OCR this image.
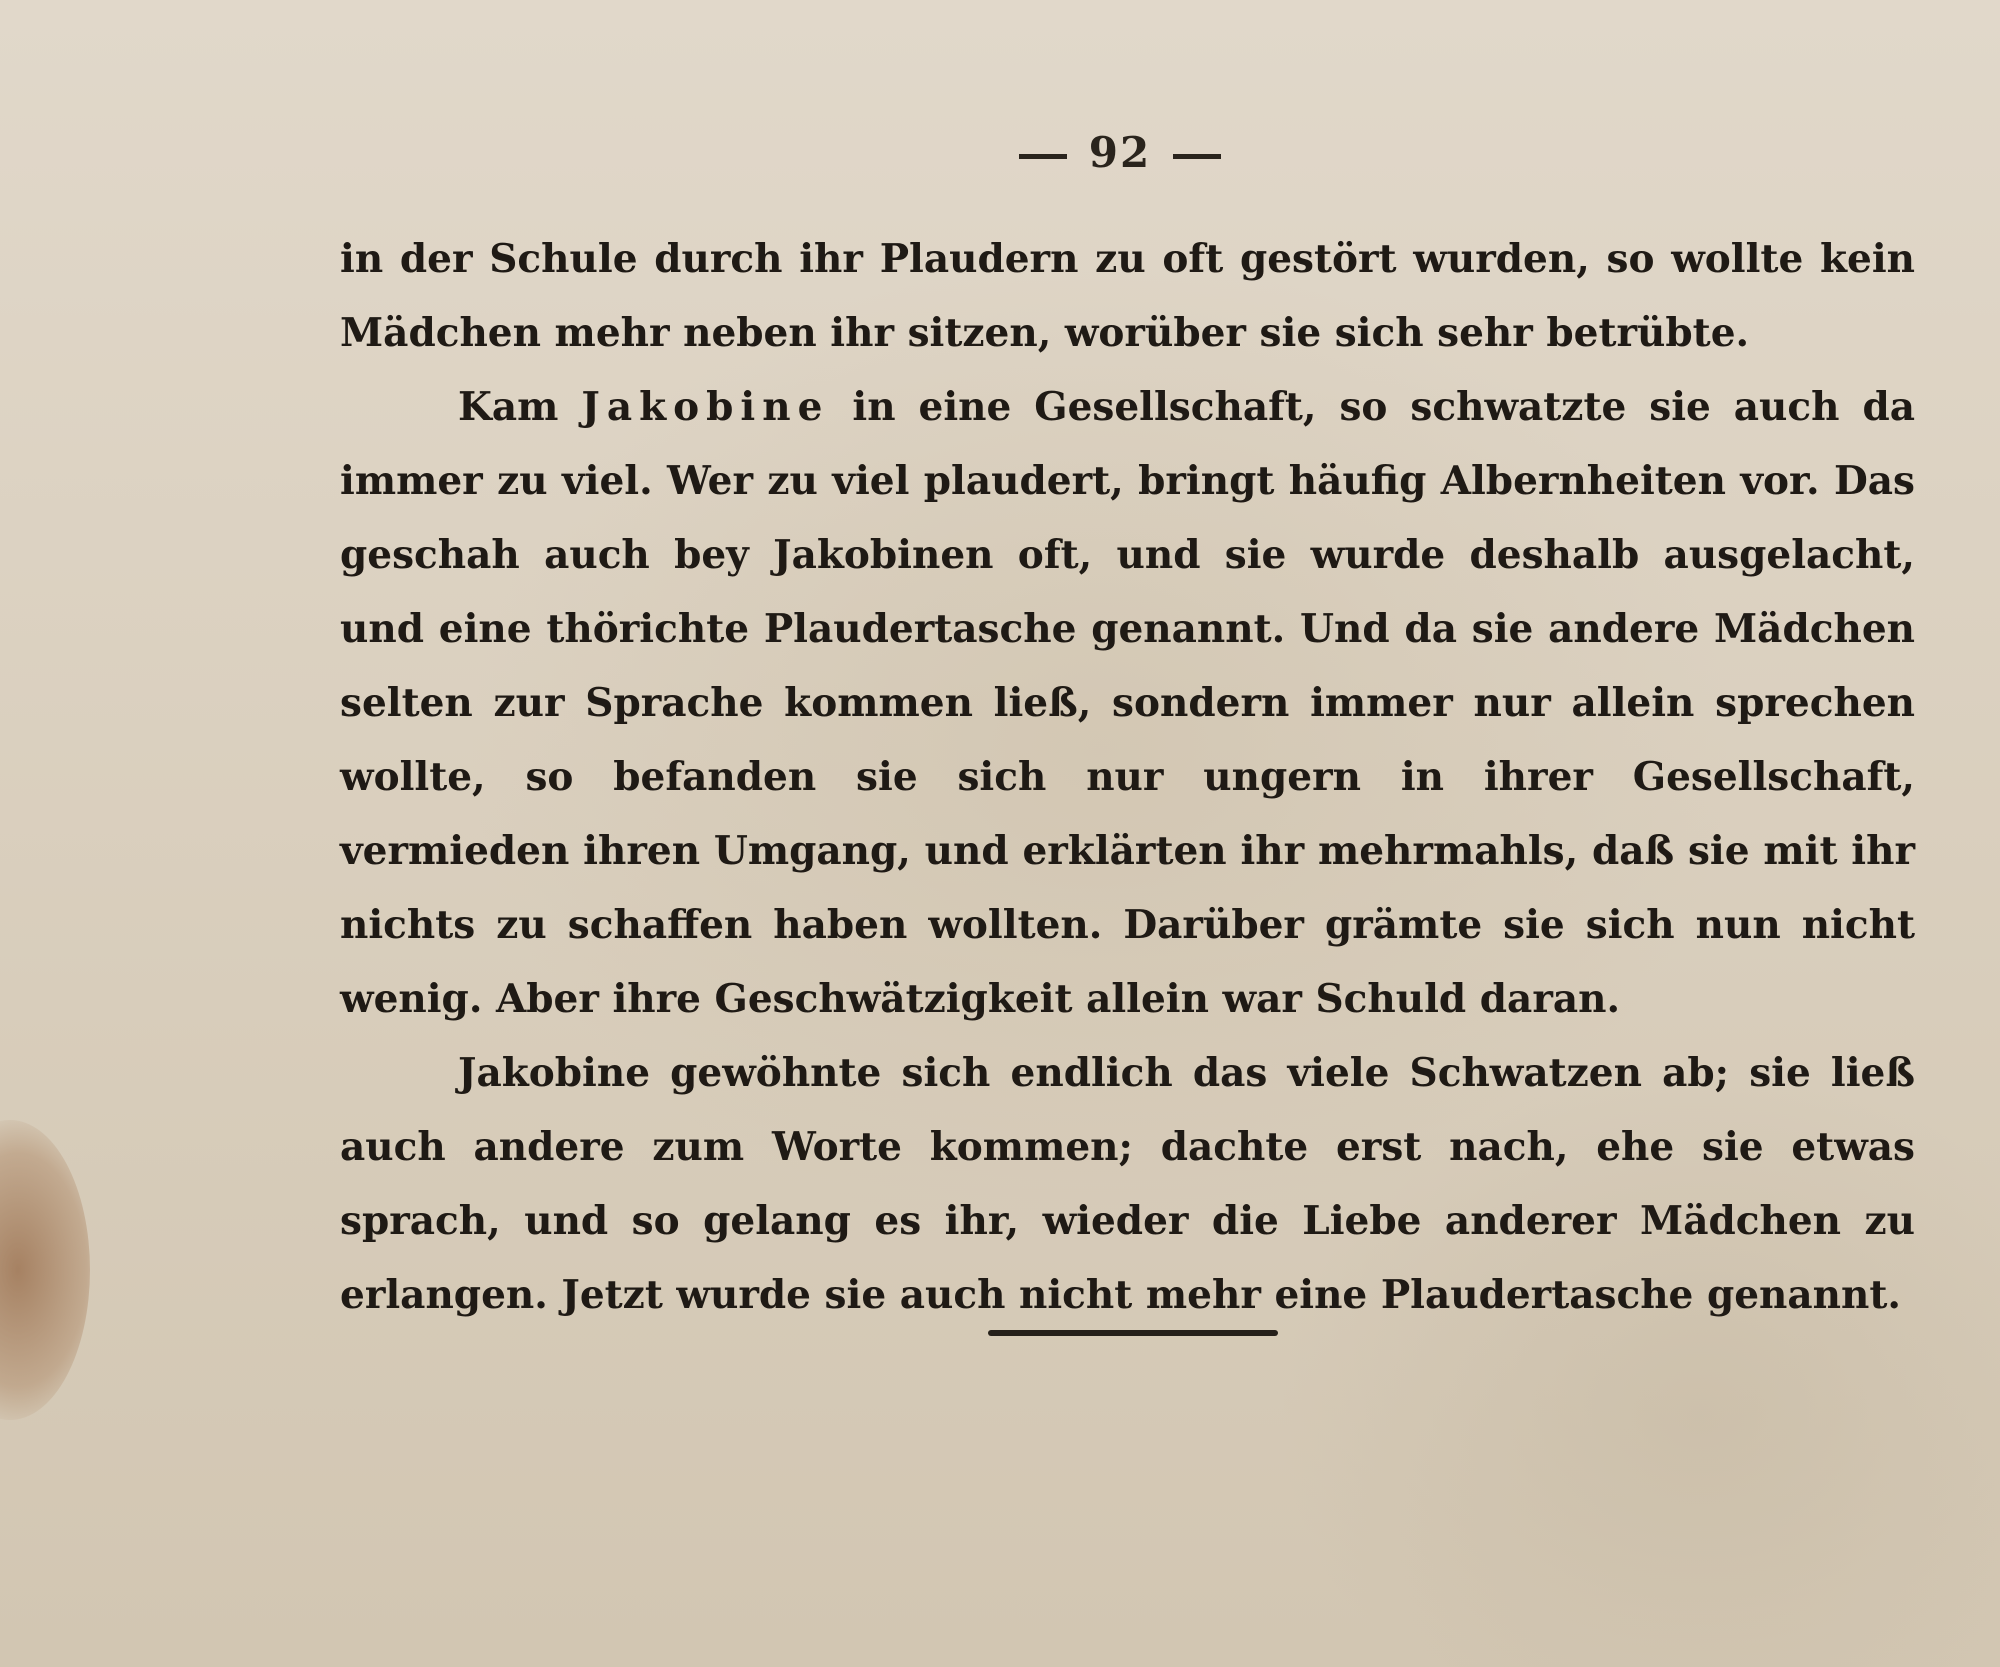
92

in der Schule durch ihr Plaudern zu oft gestört wurden, so wollte kein Mädchen mehr neben ihr sitzen, worüber sie sich sehr betrübte.

Kam Jakobine in eine Gesellschaft, so schwatzte sie auch da immer zu viel. Wer zu viel plaudert, bringt häufig Albernheiten vor. Das geschah auch bey Jakobinen oft, und sie wurde deshalb ausgelacht, und eine thörichte Plaudertasche genannt. Und da sie andere Mädchen selten zur Sprache kommen ließ, sondern immer nur allein sprechen wollte, so befanden sie sich nur ungern in ihrer Gesellschaft, vermieden ihren Umgang, und erklärten ihr mehrmahls, daß sie mit ihr nichts zu schaffen haben wollten. Darüber grämte sie sich nun nicht wenig. Aber ihre Geschwätzigkeit allein war Schuld daran.

Jakobine gewöhnte sich endlich das viele Schwatzen ab; sie ließ auch andere zum Worte kommen; dachte erst nach, ehe sie etwas sprach, und so gelang es ihr, wieder die Liebe anderer Mädchen zu erlangen. Jetzt wurde sie auch nicht mehr eine Plaudertasche genannt.
